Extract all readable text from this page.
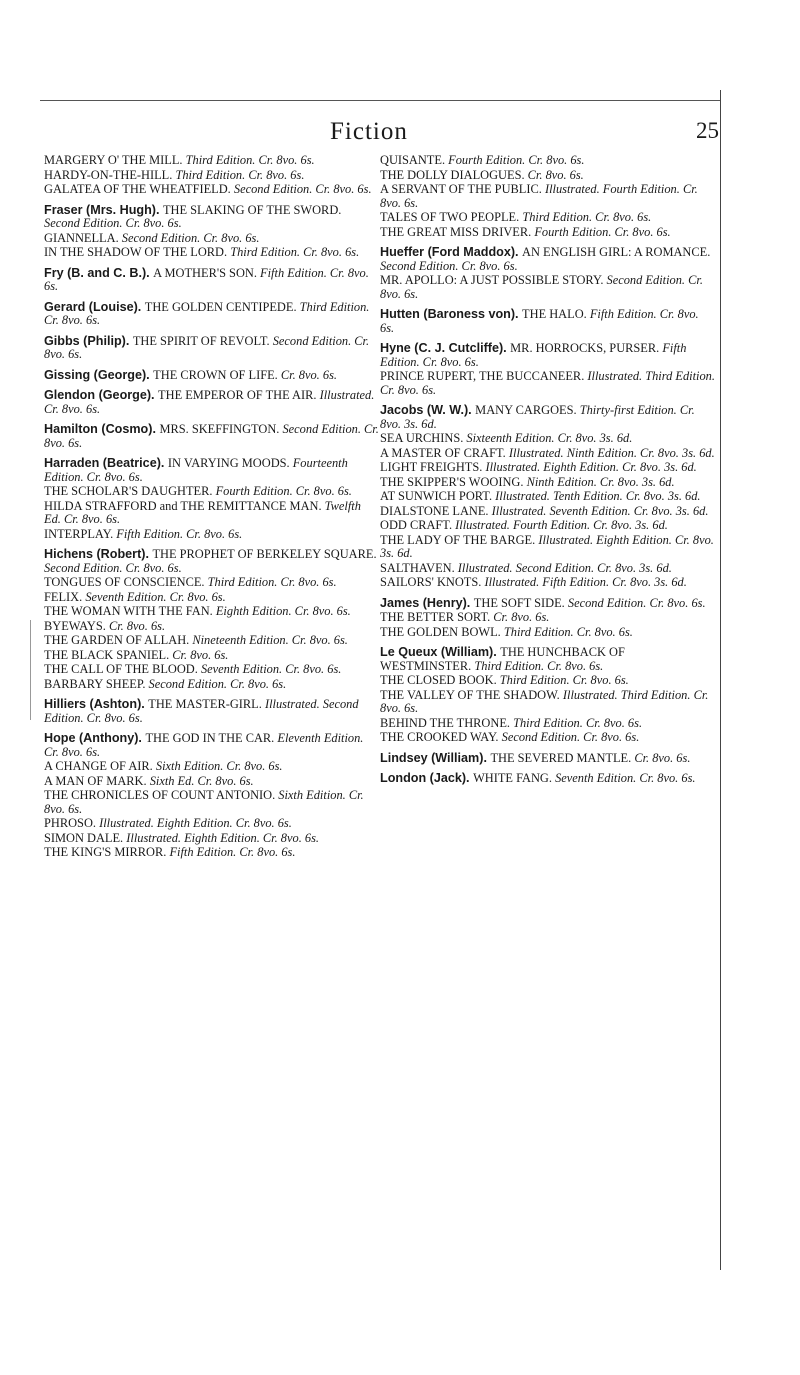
Fiction	25
MARGERY O' THE MILL. Third Edition. Cr. 8vo. 6s.
HARDY-ON-THE-HILL. Third Edition. Cr. 8vo. 6s.
GALATEA OF THE WHEATFIELD. Second Edition. Cr. 8vo. 6s.
Fraser (Mrs. Hugh). THE SLAKING OF THE SWORD. Second Edition. Cr. 8vo. 6s.
GIANNELLA. Second Edition. Cr. 8vo. 6s.
IN THE SHADOW OF THE LORD. Third Edition. Cr. 8vo. 6s.
Fry (B. and C. B.). A MOTHER'S SON. Fifth Edition. Cr. 8vo. 6s.
Gerard (Louise). THE GOLDEN CENTIPEDE. Third Edition. Cr. 8vo. 6s.
Gibbs (Philip). THE SPIRIT OF REVOLT. Second Edition. Cr. 8vo. 6s.
Gissing (George). THE CROWN OF LIFE. Cr. 8vo. 6s.
Glendon (George). THE EMPEROR OF THE AIR. Illustrated. Cr. 8vo. 6s.
Hamilton (Cosmo). MRS. SKEFFINGTON. Second Edition. Cr. 8vo. 6s.
Harraden (Beatrice). IN VARYING MOODS. Fourteenth Edition. Cr. 8vo. 6s.
THE SCHOLAR'S DAUGHTER. Fourth Edition. Cr. 8vo. 6s.
HILDA STRAFFORD and THE REMITTANCE MAN. Twelfth Ed. Cr. 8vo. 6s.
INTERPLAY. Fifth Edition. Cr. 8vo. 6s.
Hichens (Robert). THE PROPHET OF BERKELEY SQUARE. Second Edition. Cr. 8vo. 6s.
TONGUES OF CONSCIENCE. Third Edition. Cr. 8vo. 6s.
FELIX. Seventh Edition. Cr. 8vo. 6s.
THE WOMAN WITH THE FAN. Eighth Edition. Cr. 8vo. 6s.
BYEWAYS. Cr. 8vo. 6s.
THE GARDEN OF ALLAH. Nineteenth Edition. Cr. 8vo. 6s.
THE BLACK SPANIEL. Cr. 8vo. 6s.
THE CALL OF THE BLOOD. Seventh Edition. Cr. 8vo. 6s.
BARBARY SHEEP. Second Edition. Cr. 8vo. 6s.
Hilliers (Ashton). THE MASTER-GIRL. Illustrated. Second Edition. Cr. 8vo. 6s.
Hope (Anthony). THE GOD IN THE CAR. Eleventh Edition. Cr. 8vo. 6s.
A CHANGE OF AIR. Sixth Edition. Cr. 8vo. 6s.
A MAN OF MARK. Sixth Ed. Cr. 8vo. 6s.
THE CHRONICLES OF COUNT ANTONIO. Sixth Edition. Cr. 8vo. 6s.
PHROSO. Illustrated. Eighth Edition. Cr. 8vo. 6s.
SIMON DALE. Illustrated. Eighth Edition. Cr. 8vo. 6s.
THE KING'S MIRROR. Fifth Edition. Cr. 8vo. 6s.
QUISANTE. Fourth Edition. Cr. 8vo. 6s.
THE DOLLY DIALOGUES. Cr. 8vo. 6s.
A SERVANT OF THE PUBLIC. Illustrated. Fourth Edition. Cr. 8vo. 6s.
TALES OF TWO PEOPLE. Third Edition. Cr. 8vo. 6s.
THE GREAT MISS DRIVER. Fourth Edition. Cr. 8vo. 6s.
Hueffer (Ford Maddox). AN ENGLISH GIRL: A ROMANCE. Second Edition. Cr. 8vo. 6s.
MR. APOLLO: A JUST POSSIBLE STORY. Second Edition. Cr. 8vo. 6s.
Hutten (Baroness von). THE HALO. Fifth Edition. Cr. 8vo. 6s.
Hyne (C. J. Cutcliffe). MR. HORROCKS, PURSER. Fifth Edition. Cr. 8vo. 6s.
PRINCE RUPERT, THE BUCCANEER. Illustrated. Third Edition. Cr. 8vo. 6s.
Jacobs (W. W.). MANY CARGOES. Thirty-first Edition. Cr. 8vo. 3s. 6d.
SEA URCHINS. Sixteenth Edition. Cr. 8vo. 3s. 6d.
A MASTER OF CRAFT. Illustrated. Ninth Edition. Cr. 8vo. 3s. 6d.
LIGHT FREIGHTS. Illustrated. Eighth Edition. Cr. 8vo. 3s. 6d.
THE SKIPPER'S WOOING. Ninth Edition. Cr. 8vo. 3s. 6d.
AT SUNWICH PORT. Illustrated. Tenth Edition. Cr. 8vo. 3s. 6d.
DIALSTONE LANE. Illustrated. Seventh Edition. Cr. 8vo. 3s. 6d.
ODD CRAFT. Illustrated. Fourth Edition. Cr. 8vo. 3s. 6d.
THE LADY OF THE BARGE. Illustrated. Eighth Edition. Cr. 8vo. 3s. 6d.
SALTHAVEN. Illustrated. Second Edition. Cr. 8vo. 3s. 6d.
SAILORS' KNOTS. Illustrated. Fifth Edition. Cr. 8vo. 3s. 6d.
James (Henry). THE SOFT SIDE. Second Edition. Cr. 8vo. 6s.
THE BETTER SORT. Cr. 8vo. 6s.
THE GOLDEN BOWL. Third Edition. Cr. 8vo. 6s.
Le Queux (William). THE HUNCHBACK OF WESTMINSTER. Third Edition. Cr. 8vo. 6s.
THE CLOSED BOOK. Third Edition. Cr. 8vo. 6s.
THE VALLEY OF THE SHADOW. Illustrated. Third Edition. Cr. 8vo. 6s.
BEHIND THE THRONE. Third Edition. Cr. 8vo. 6s.
THE CROOKED WAY. Second Edition. Cr. 8vo. 6s.
Lindsey (William). THE SEVERED MANTLE. Cr. 8vo. 6s.
London (Jack). WHITE FANG. Seventh Edition. Cr. 8vo. 6s.
